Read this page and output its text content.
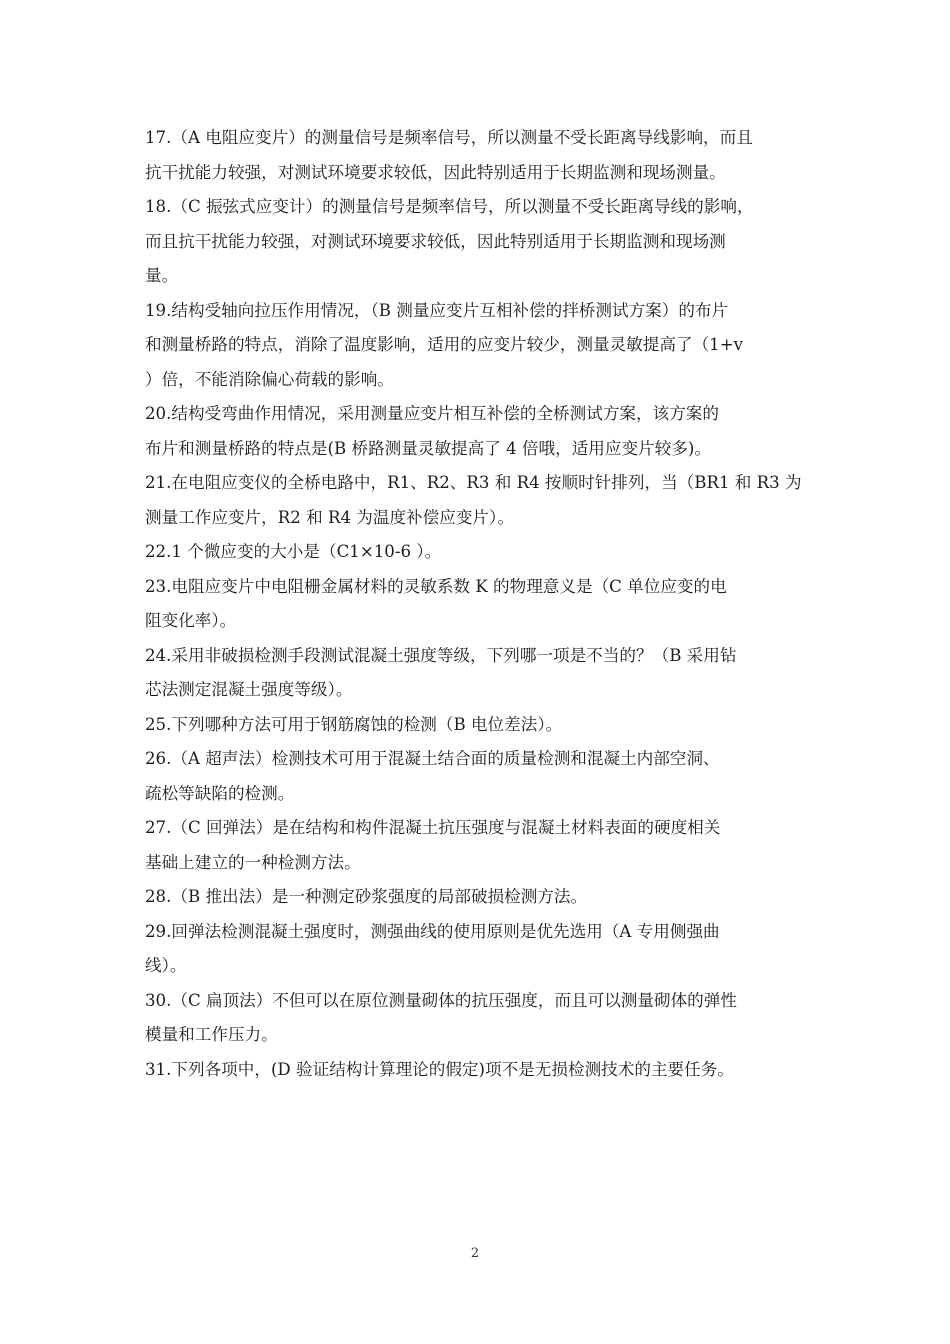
17.（A 电阻应变片）的测量信号是频率信号，所以测量不受长距离导线影响，而且
抗干扰能力较强，对测试环境要求较低，因此特别适用于长期监测和现场测量。
18.（C 振弦式应变计）的测量信号是频率信号，所以测量不受长距离导线的影响，
而且抗干扰能力较强，对测试环境要求较低，因此特别适用于长期监测和现场测
量。
19.结构受轴向拉压作用情况，（B 测量应变片互相补偿的拌桥测试方案）的布片
和测量桥路的特点，消除了温度影响，适用的应变片较少，测量灵敏提高了（1+v
）倍，不能消除偏心荷载的影响。
20.结构受弯曲作用情况，采用测量应变片相互补偿的全桥测试方案，该方案的
布片和测量桥路的特点是(B 桥路测量灵敏提高了 4 倍哦，适用应变片较多)。
21.在电阻应变仪的全桥电路中，R1、R2、R3 和 R4 按顺时针排列，当（BR1 和 R3 为
测量工作应变片，R2 和 R4 为温度补偿应变片）。
22.1 个微应变的大小是（C1×10-6 ）。
23.电阻应变片中电阻栅金属材料的灵敏系数 K 的物理意义是（C 单位应变的电
阻变化率）。
24.采用非破损检测手段测试混凝土强度等级，下列哪一项是不当的？（B 采用钻
芯法测定混凝土强度等级）。
25.下列哪种方法可用于钢筋腐蚀的检测（B 电位差法）。
26.（A 超声法）检测技术可用于混凝土结合面的质量检测和混凝土内部空洞、
疏松等缺陷的检测。
27.（C 回弹法）是在结构和构件混凝土抗压强度与混凝土材料表面的硬度相关
基础上建立的一种检测方法。
28.（B 推出法）是一种测定砂浆强度的局部破损检测方法。
29.回弹法检测混凝土强度时，测强曲线的使用原则是优先选用（A 专用侧强曲
线）。
30.（C 扁顶法）不但可以在原位测量砌体的抗压强度，而且可以测量砌体的弹性
模量和工作压力。
31.下列各项中，(D 验证结构计算理论的假定)项不是无损检测技术的主要任务。
2
